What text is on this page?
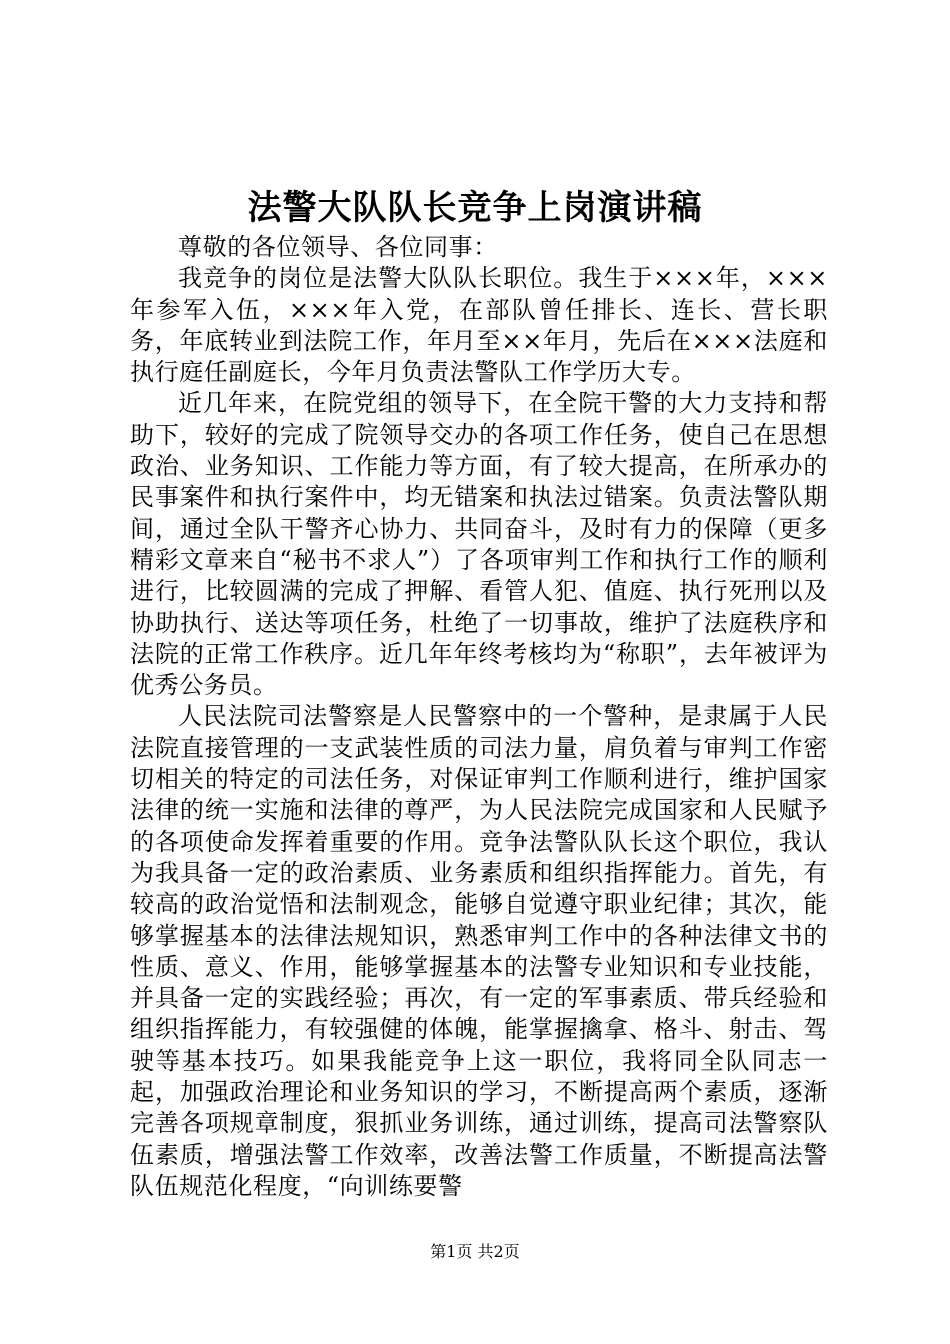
法警大队队长竞争上岗演讲稿

尊敬的各位领导、各位同事：

我竞争的岗位是法警大队队长职位。我生于×××年，×××年参军入伍，×××年入党，在部队曾任排长、连长、营长职务，年底转业到法院工作，年月至××年月，先后在×××法庭和执行庭任副庭长，今年月负责法警队工作学历大专。

近几年来，在院党组的领导下，在全院干警的大力支持和帮助下，较好的完成了院领导交办的各项工作任务，使自己在思想政治、业务知识、工作能力等方面，有了较大提高，在所承办的民事案件和执行案件中，均无错案和执法过错案。负责法警队期间，通过全队干警齐心协力、共同奋斗，及时有力的保障（更多精彩文章来自“秘书不求人”）了各项审判工作和执行工作的顺利进行，比较圆满的完成了押解、看管人犯、值庭、执行死刑以及协助执行、送达等项任务，杜绝了一切事故，维护了法庭秩序和法院的正常工作秩序。近几年年终考核均为“称职”，去年被评为优秀公务员。

人民法院司法警察是人民警察中的一个警种，是隶属于人民法院直接管理的一支武装性质的司法力量，肩负着与审判工作密切相关的特定的司法任务，对保证审判工作顺利进行，维护国家法律的统一实施和法律的尊严，为人民法院完成国家和人民赋予的各项使命发挥着重要的作用。竞争法警队队长这个职位，我认为我具备一定的政治素质、业务素质和组织指挥能力。首先，有较高的政治觉悟和法制观念，能够自觉遵守职业纪律；其次，能够掌握基本的法律法规知识，熟悉审判工作中的各种法律文书的性质、意义、作用，能够掌握基本的法警专业知识和专业技能，并具备一定的实践经验；再次，有一定的军事素质、带兵经验和组织指挥能力，有较强健的体魄，能掌握擒拿、格斗、射击、驾驶等基本技巧。如果我能竞争上这一职位，我将同全队同志一起，加强政治理论和业务知识的学习，不断提高两个素质，逐渐完善各项规章制度，狠抓业务训练，通过训练，提高司法警察队伍素质，增强法警工作效率，改善法警工作质量，不断提高法警队伍规范化程度，“向训练要警

第1页 共2页
